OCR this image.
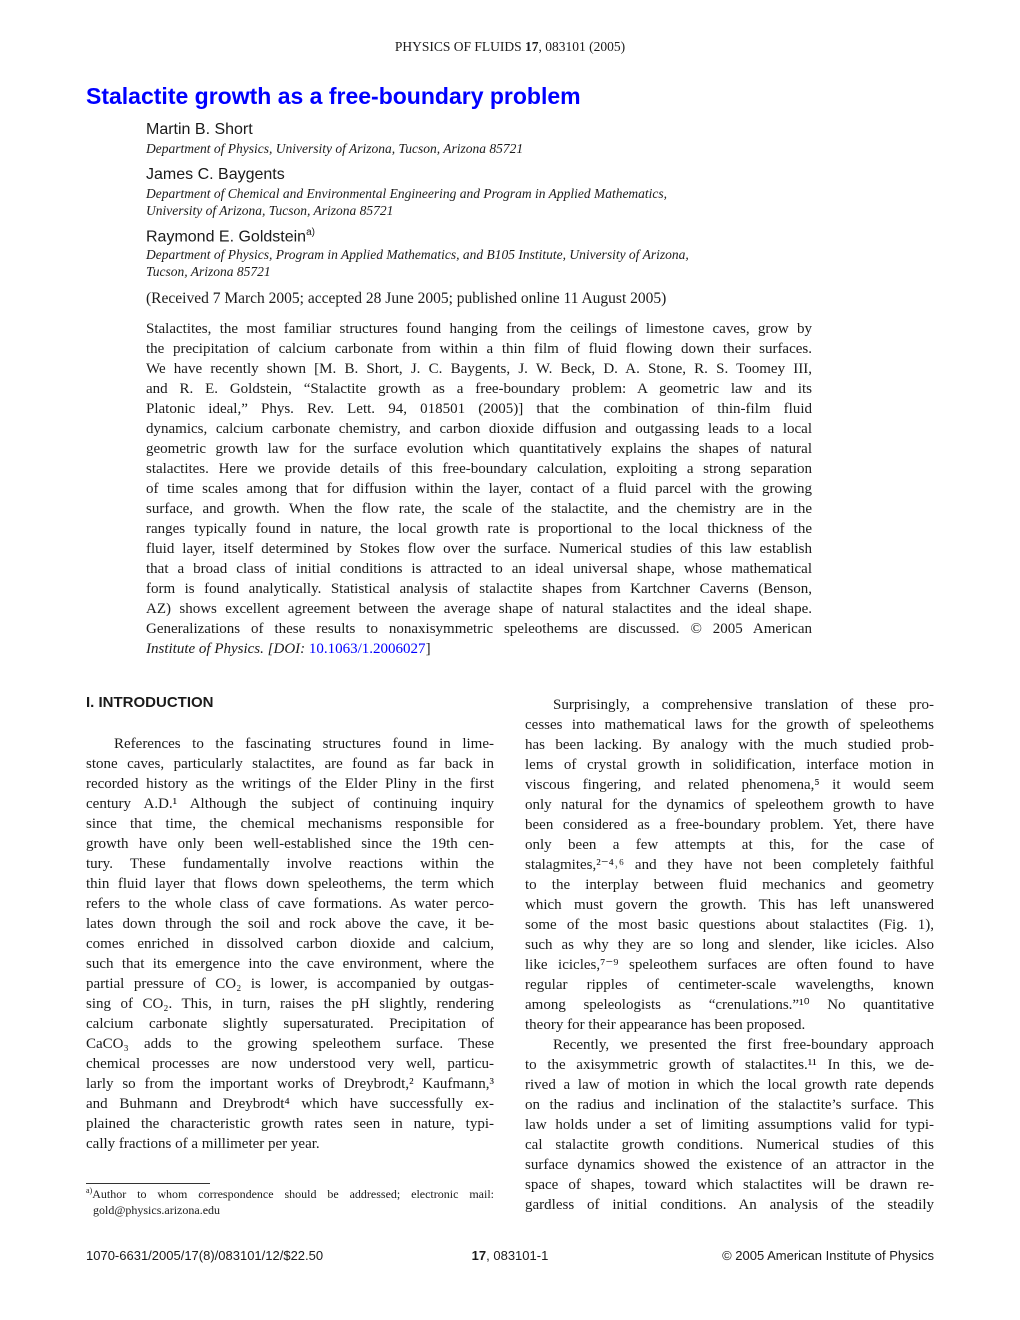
PHYSICS OF FLUIDS 17, 083101 (2005)
Stalactite growth as a free-boundary problem
Martin B. Short
Department of Physics, University of Arizona, Tucson, Arizona 85721
James C. Baygents
Department of Chemical and Environmental Engineering and Program in Applied Mathematics,
University of Arizona, Tucson, Arizona 85721
Raymond E. Goldstein$^{a)}$
Department of Physics, Program in Applied Mathematics, and B105 Institute, University of Arizona,
Tucson, Arizona 85721
(Received 7 March 2005; accepted 28 June 2005; published online 11 August 2005)
Stalactites, the most familiar structures found hanging from the ceilings of limestone caves, grow by
the precipitation of calcium carbonate from within a thin film of fluid flowing down their surfaces.
We have recently shown [M. B. Short, J. C. Baygents, J. W. Beck, D. A. Stone, R. S. Toomey III,
and R. E. Goldstein, “Stalactite growth as a free-boundary problem: A geometric law and its
Platonic ideal,” Phys. Rev. Lett. 94, 018501 (2005)] that the combination of thin-film fluid
dynamics, calcium carbonate chemistry, and carbon dioxide diffusion and outgassing leads to a local
geometric growth law for the surface evolution which quantitatively explains the shapes of natural
stalactites. Here we provide details of this free-boundary calculation, exploiting a strong separation
of time scales among that for diffusion within the layer, contact of a fluid parcel with the growing
surface, and growth. When the flow rate, the scale of the stalactite, and the chemistry are in the
ranges typically found in nature, the local growth rate is proportional to the local thickness of the
fluid layer, itself determined by Stokes flow over the surface. Numerical studies of this law establish
that a broad class of initial conditions is attracted to an ideal universal shape, whose mathematical
form is found analytically. Statistical analysis of stalactite shapes from Kartchner Caverns (Benson,
AZ) shows excellent agreement between the average shape of natural stalactites and the ideal shape.
Generalizations of these results to nonaxisymmetric speleothems are discussed. © 2005 American
Institute of Physics. [DOI: 10.1063/1.2006027]
I. INTRODUCTION
References to the fascinating structures found in lime-
stone caves, particularly stalactites, are found as far back in
recorded history as the writings of the Elder Pliny in the first
century A.D.¹ Although the subject of continuing inquiry
since that time, the chemical mechanisms responsible for
growth have only been well-established since the 19th cen-
tury. These fundamentally involve reactions within the
thin fluid layer that flows down speleothems, the term which
refers to the whole class of cave formations. As water perco-
lates down through the soil and rock above the cave, it be-
comes enriched in dissolved carbon dioxide and calcium,
such that its emergence into the cave environment, where the
partial pressure of CO₂ is lower, is accompanied by outgas-
sing of CO₂. This, in turn, raises the pH slightly, rendering
calcium carbonate slightly supersaturated. Precipitation of
CaCO₃ adds to the growing speleothem surface. These
chemical processes are now understood very well, particu-
larly so from the important works of Dreybrodt,² Kaufmann,³
and Buhmann and Dreybrodt⁴ which have successfully ex-
plained the characteristic growth rates seen in nature, typi-
cally fractions of a millimeter per year.
Surprisingly, a comprehensive translation of these pro-
cesses into mathematical laws for the growth of speleothems
has been lacking. By analogy with the much studied prob-
lems of crystal growth in solidification, interface motion in
viscous fingering, and related phenomena,⁵ it would seem
only natural for the dynamics of speleothem growth to have
been considered as a free-boundary problem. Yet, there have
only been a few attempts at this, for the case of
stalagmites,²⁻⁴˒⁶ and they have not been completely faithful
to the interplay between fluid mechanics and geometry
which must govern the growth. This has left unanswered
some of the most basic questions about stalactites (Fig. 1),
such as why they are so long and slender, like icicles. Also
like icicles,⁷⁻⁹ speleothem surfaces are often found to have
regular ripples of centimeter-scale wavelengths, known
among speleologists as “crenulations.”¹⁰ No quantitative
theory for their appearance has been proposed.
Recently, we presented the first free-boundary approach
to the axisymmetric growth of stalactites.¹¹ In this, we de-
rived a law of motion in which the local growth rate depends
on the radius and inclination of the stalactite’s surface. This
law holds under a set of limiting assumptions valid for typi-
cal stalactite growth conditions. Numerical studies of this
surface dynamics showed the existence of an attractor in the
space of shapes, toward which stalactites will be drawn re-
gardless of initial conditions. An analysis of the steadily
$^{a)}$Author to whom correspondence should be addressed; electronic mail:
gold@physics.arizona.edu
1070-6631/2005/17(8)/083101/12/$22.50	17, 083101-1	© 2005 American Institute of Physics
